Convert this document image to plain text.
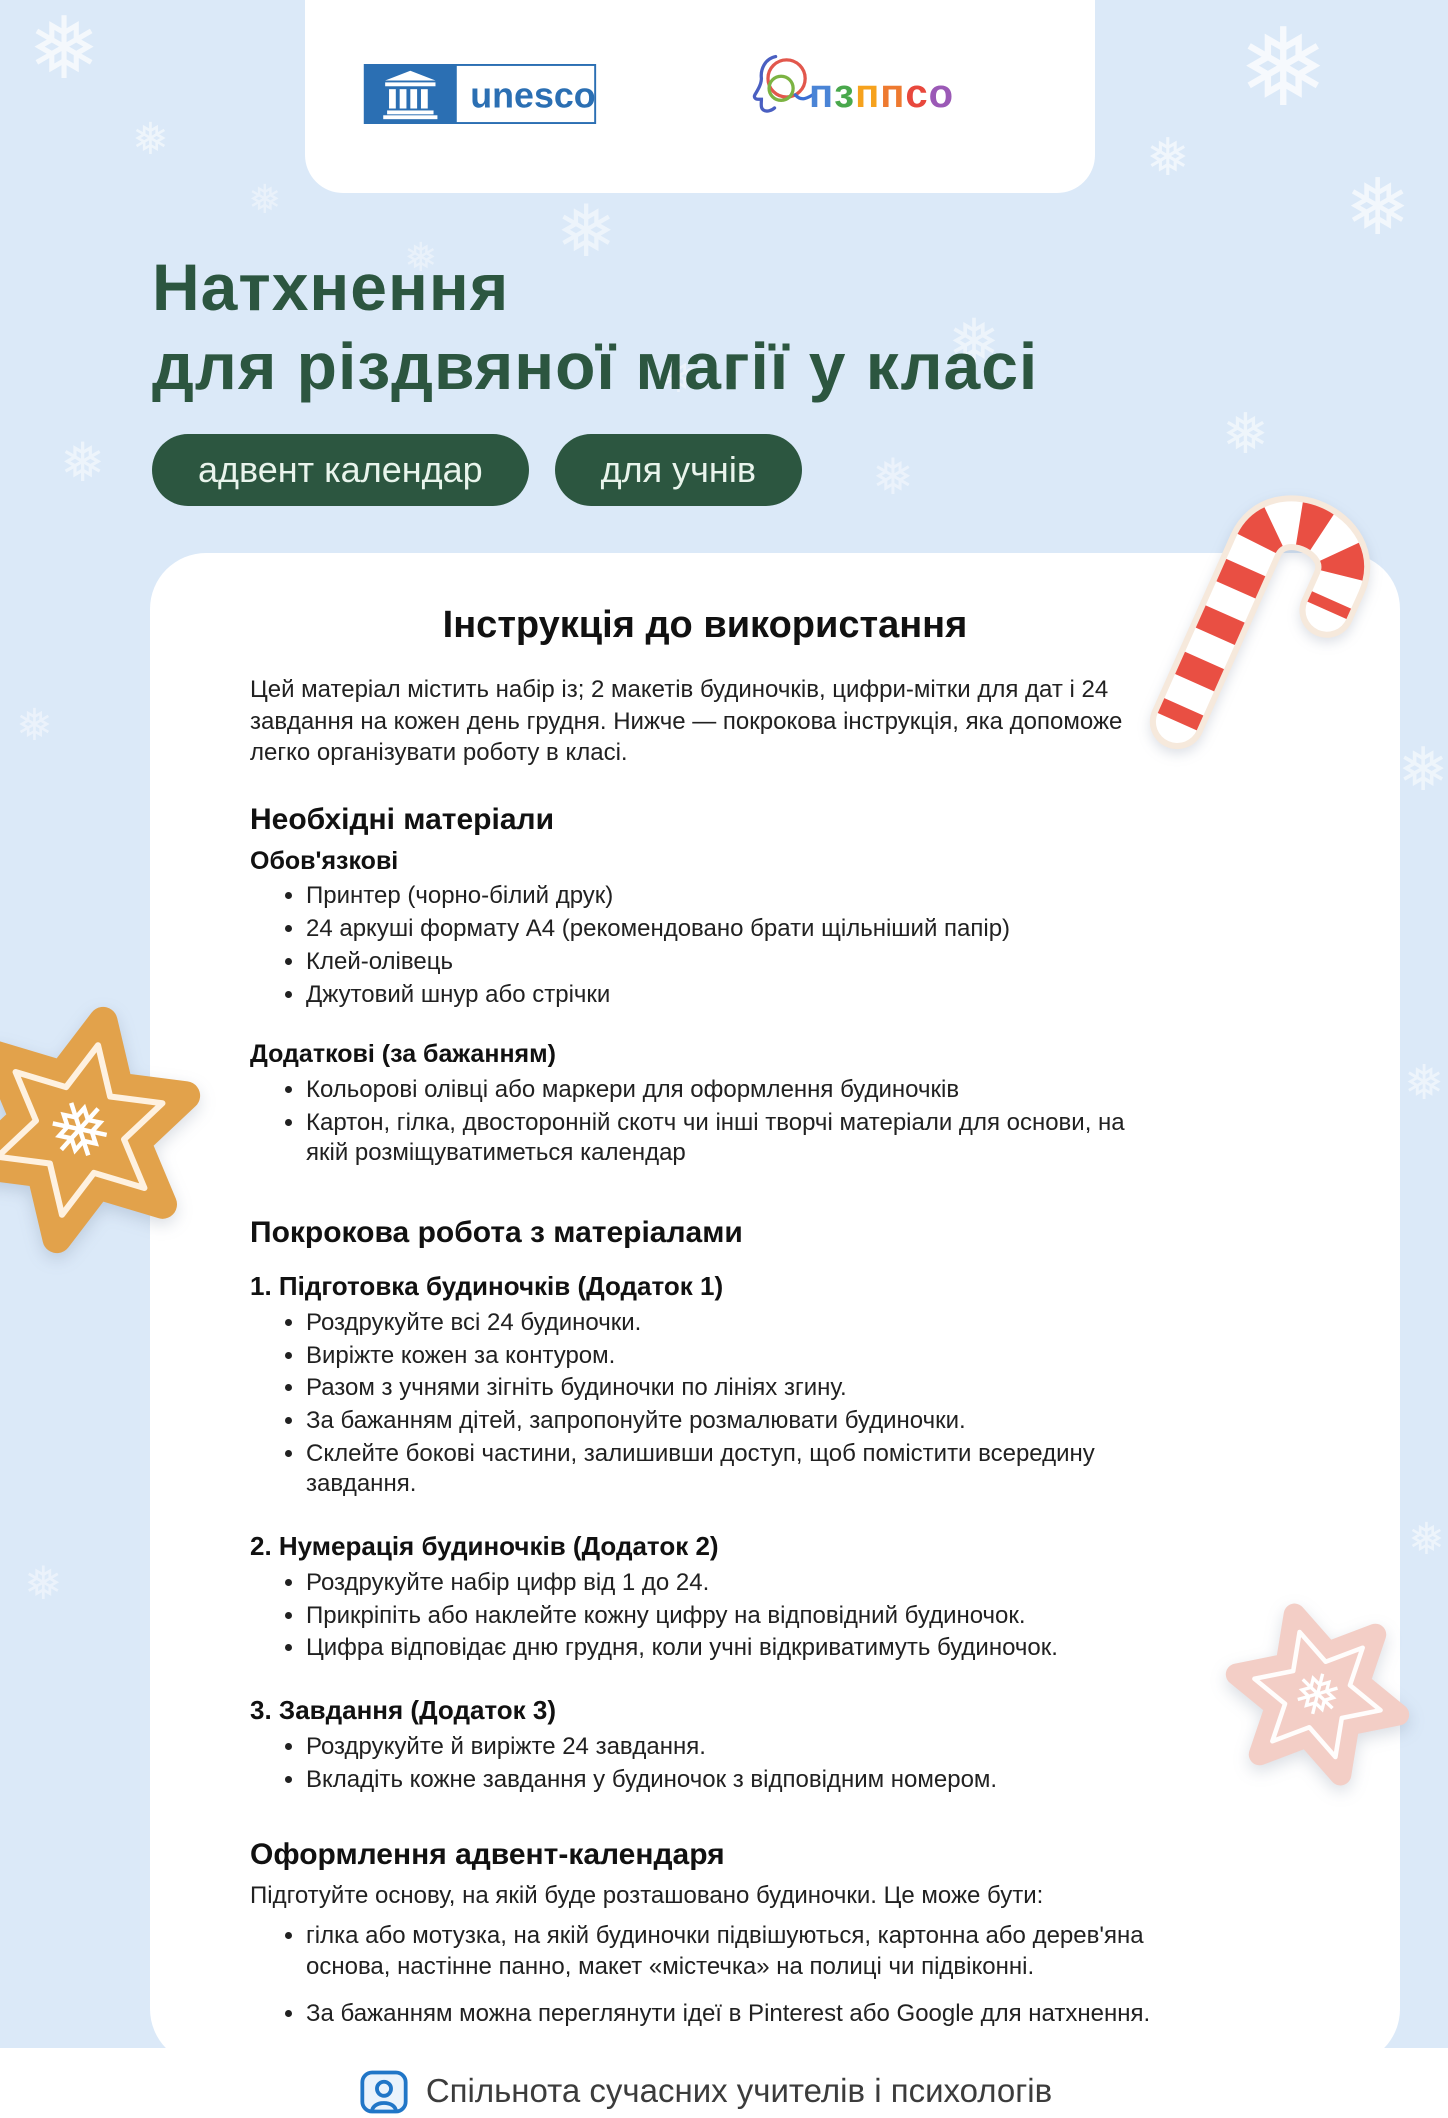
❅
❅
❅
❅
❅
❅
❅
❅
❅
❅
❅
❅
❅
❅
❅
❅
❅
❅
❅
❅
unesco	пзппсо
Натхнення
для різдвяної магії у класі
адвент календар	для учнів
Інструкція до використання

Цей матеріал містить набір із; 2 макетів будиночків, цифри-мітки для дат і 24 завдання на кожен день грудня. Нижче — покрокова інструкція, яка допоможе легко організувати роботу в класі.

Необхідні матеріали
Обов'язкові
• Принтер (чорно-білий друк)
• 24 аркуші формату А4 (рекомендовано брати щільніший папір)
• Клей-олівець
• Джутовий шнур або стрічки
Додаткові (за бажанням)
• Кольорові олівці або маркери для оформлення будиночків
• Картон, гілка, двосторонній скотч чи інші творчі матеріали для основи, на якій розміщуватиметься календар
Покрокова робота з матеріалами
1. Підготовка будиночків (Додаток 1)
• Роздрукуйте всі 24 будиночки.
• Виріжте кожен за контуром.
• Разом з учнями зігніть будиночки по лініях згину.
• За бажанням дітей, запропонуйте розмалювати будиночки.
• Склейте бокові частини, залишивши доступ, щоб помістити всередину завдання.
2. Нумерація будиночків (Додаток 2)
• Роздрукуйте набір цифр від 1 до 24.
• Прикріпіть або наклейте кожну цифру на відповідний будиночок.
• Цифра відповідає дню грудня, коли учні відкриватимуть будиночок.
3. Завдання (Додаток 3)
• Роздрукуйте й виріжте 24 завдання.
• Вкладіть кожне завдання у будиночок з відповідним номером.
Оформлення адвент-календаря

Підготуйте основу, на якій буде розташовано будиночки. Це може бути:

• гілка або мотузка, на якій будиночки підвішуються, картонна або дерев'яна основа, настінне панно, макет «містечка» на полиці чи підвіконні.
• За бажанням можна переглянути ідеї в Pinterest або Google для натхнення.
Спільнота сучасних учителів і психологів
❅
❅
